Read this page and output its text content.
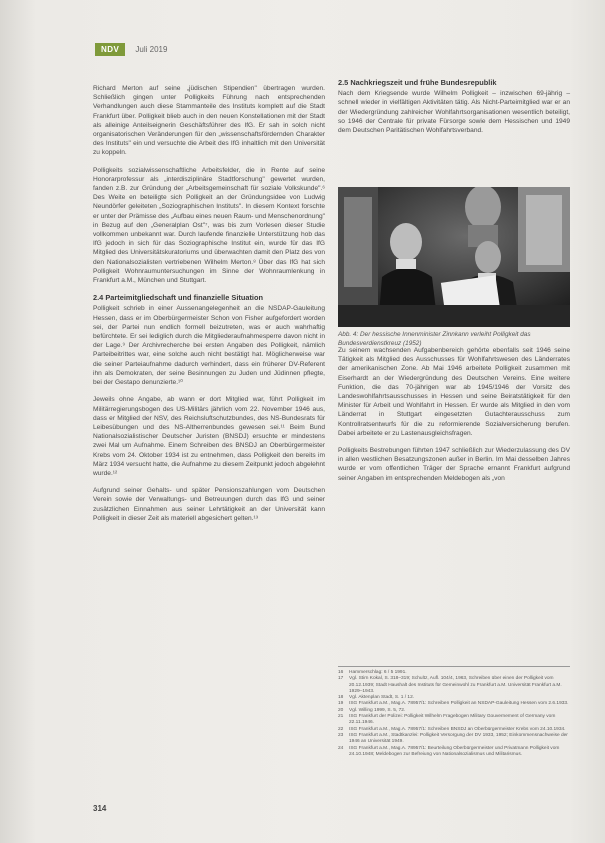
NDV	Juli 2019

Richard Merton auf seine „jüdischen Stipendien" übertragen wurden. Schließlich gingen unter Polligkeits Führung nach entsprechenden Verhandlungen auch diese Stammanteile des Instituts komplett auf die Stadt Frankfurt über. Polligkeit blieb auch in den neuen Konstellationen mit der Stadt als alleinige Anteilseignerin Geschäftsführer des IfG. Er sah in solch nicht organisatorischen Veränderungen für den „wissenschaftsfördernden Charakter des Instituts" ein und versuchte die Arbeit des IfG inhaltlich mit den Universität zu koppeln.

Polligkeits sozialwissenschaftliche Arbeitsfelder, die in Rente auf seine Honorarprofessur als „interdisziplinäre Stadtforschung" gewertet wurden, fanden z.B. zur Gründung der „Arbeitsgemeinschaft für soziale Volkskunde".⁶ Des Weite en beteiligte sich Polligkeit an der Gründungsidee von Ludwig Neundörfer geleiteten „Soziographischen Instituts". In diesem Kontext forschte er unter der Prämisse des „Aufbau eines neuen Raum- und Menschenordnung" in Bezug auf den „Generalplan Ost"⁷, was bis zum Vorlesen dieser Studie vollkommen unbekannt war. Durch laufende finanzielle Unterstützung hob das IfG jedoch in sich für das Soziographische Institut ein, wurde für das IfG Mitglied des Universitätskuratoriums und überwachten damit den Platz des von den Nationalsozialisten vertriebenen Wilhelm Merton.⁸ Über das IfG hat sich Polligkeit Wohnraumuntersuchungen im Sinne der Wohnraumlenkung in Frankfurt a.M., München und Stuttgart.

2.4 Parteimitgliedschaft und finanzielle Situation

Polligkeit schrieb in einer Aussenangelegenheit an die NSDAP-Gauleitung Hessen, dass er im Oberbürgermeister Schon von Fisher aufgefordert worden sei, der Partei nun endlich formell beizutreten, was er auch wahrhaftig befürchtete. Er sei lediglich durch die Mitgliederaufnahmesperre davon nicht in der Lage.⁹ Der Archivrecherche bei ersten Angaben des Polligkeit, nämlich Parteibeitrittes war, eine solche auch nicht bestätigt hat. Möglicherweise war die seiner Parteiaufnahme dadurch verhindert, dass ein früherer DV-Referent ihn als Demokraten, der seine Besinnungen zu Juden und Jüdinnen pflegte, bei der Gestapo denunzierte.¹⁰

Jeweils ohne Angabe, ab wann er dort Mitglied war, führt Polligkeit im Militärregierungsbogen des US-Militärs jährlich vom 22. November 1946 aus, dass er Mitglied der NSV, des Reichsluftschutzbundes, des NS-Bundesrats für Leibesübungen und des NS-Altherrenbundes gewesen sei.¹¹ Beim Bund Nationalsozialistischer Deutscher Juristen (BNSDJ) ersuchte er mindestens zwei Mal um Aufnahme. Einem Schreiben des BNSDJ an Oberbürgermeister Krebs vom 24. Oktober 1934 ist zu entnehmen, dass Polligkeit den bereits im März 1934 versucht hatte, die Aufnahme zu diesem Zeitpunkt jedoch abgelehnt wurde.¹²

Aufgrund seiner Gehalts- und später Pensionszahlungen vom Deutschen Verein sowie der Verwaltungs- und Betreuungen durch das IfG und seiner zusätzlichen Einnahmen aus seiner Lehrtätigkeit an der Universität kann Polligkeit in dieser Zeit als materiell abgesichert gelten.¹³

2.5 Nachkriegszeit und frühe Bundesrepublik

Nach dem Kriegsende wurde Wilhelm Polligkeit – inzwischen 69-jährig – schnell wieder in vielfältigen Aktivitäten tätig. Als Nicht-Parteimitglied war er an der Wiedergründung zahlreicher Wohlfahrtsorganisationen wesentlich beteiligt, so 1946 der Centrale für private Fürsorge sowie dem Hessischen und 1949 dem Deutschen Paritätischen Wohlfahrtsverband.

Abb. 4: Der hessische Innenminister Zinnkann verleiht Polligkeit das Bundesverdienstkreuz (1952)

Zu seinem wachsenden Aufgabenbereich gehörte ebenfalls seit 1946 seine Tätigkeit als Mitglied des Ausschusses für Wohlfahrtswesen des Länderrates der amerikanischen Zone. Ab Mai 1946 arbeitete Polligkeit zusammen mit Eiserhardt an der Wiedergründung des Deutschen Vereins. Eine weitere Funktion, die das 70-jährigen war ab 1945/1946 der Vorsitz des Landeswohlfahrtsausschusses in Hessen und seine Beiratstätigkeit für den Minister für Arbeit und Wohlfahrt in Hessen. Er wurde als Mitglied in den vom Länderrat in Stuttgart eingesetzten Gutachterausschuss zum Kontrollratsentwurfs für die zu reformierende Sozialversicherung berufen. Dabei arbeitete er zu Lastenausgleichsfragen.

Polligkeits Bestrebungen führten 1947 schließlich zur Wiederzulassung des DV in allen westlichen Besatzungszonen außer in Berlin. Im Mai desselben Jahres wurde er vom offentlichen Träger der Sprache ernannt Frankfurt aufgrund seiner Angaben im entsprechenden Meldebogen als „von

16	Hammerschlag: 6 / 5 1991.
17	Vgl. Stirn Kokal, S. 318–319; Schultz, Aufl. 104/4, 1963, Schreiben über einen der Polligkeit vom 20.12.1939; Stadt Haushalt des Instituts für Gemeinwohl zu Frankfurt a.M. Universität Frankfurt a.M. 1929–1943.
18	Vgl. Aktenplan Stadt, S. 1 / 12.
19	ISG Frankfurt a.M., Mag.A. 78957/1: Schreiben Polligkeit an NSDAP-Gauleitung Hessen vom 2.6.1933.
20	Vgl. Willing 1999, S. 5, 72.
21	ISG Frankfurt der Polizei: Polligkeit Wilhelm Fragebogen Military Gouvernement of Germany vom 22.11.1946.
22	ISG Frankfurt a.M., Mag.A. 78957/1: Schreiben BNSDJ an Oberbürgermeister Krebs vom 24.10.1934.
23	ISG Frankfurt a.M., Stadtkanzlei: Polligkeit Versorgung der DV 1933, 1952; Einkommensnachweise der 1946 an Universität 1949.
24	ISG Frankfurt a.M., Mag.A. 78957/1: Beurteilung Oberbürgermeister und Privatmann Polligkeit vom 24.10.1948; Meldebogen zur Befreiung von Nationalsozialismus und Militarismus.
314
